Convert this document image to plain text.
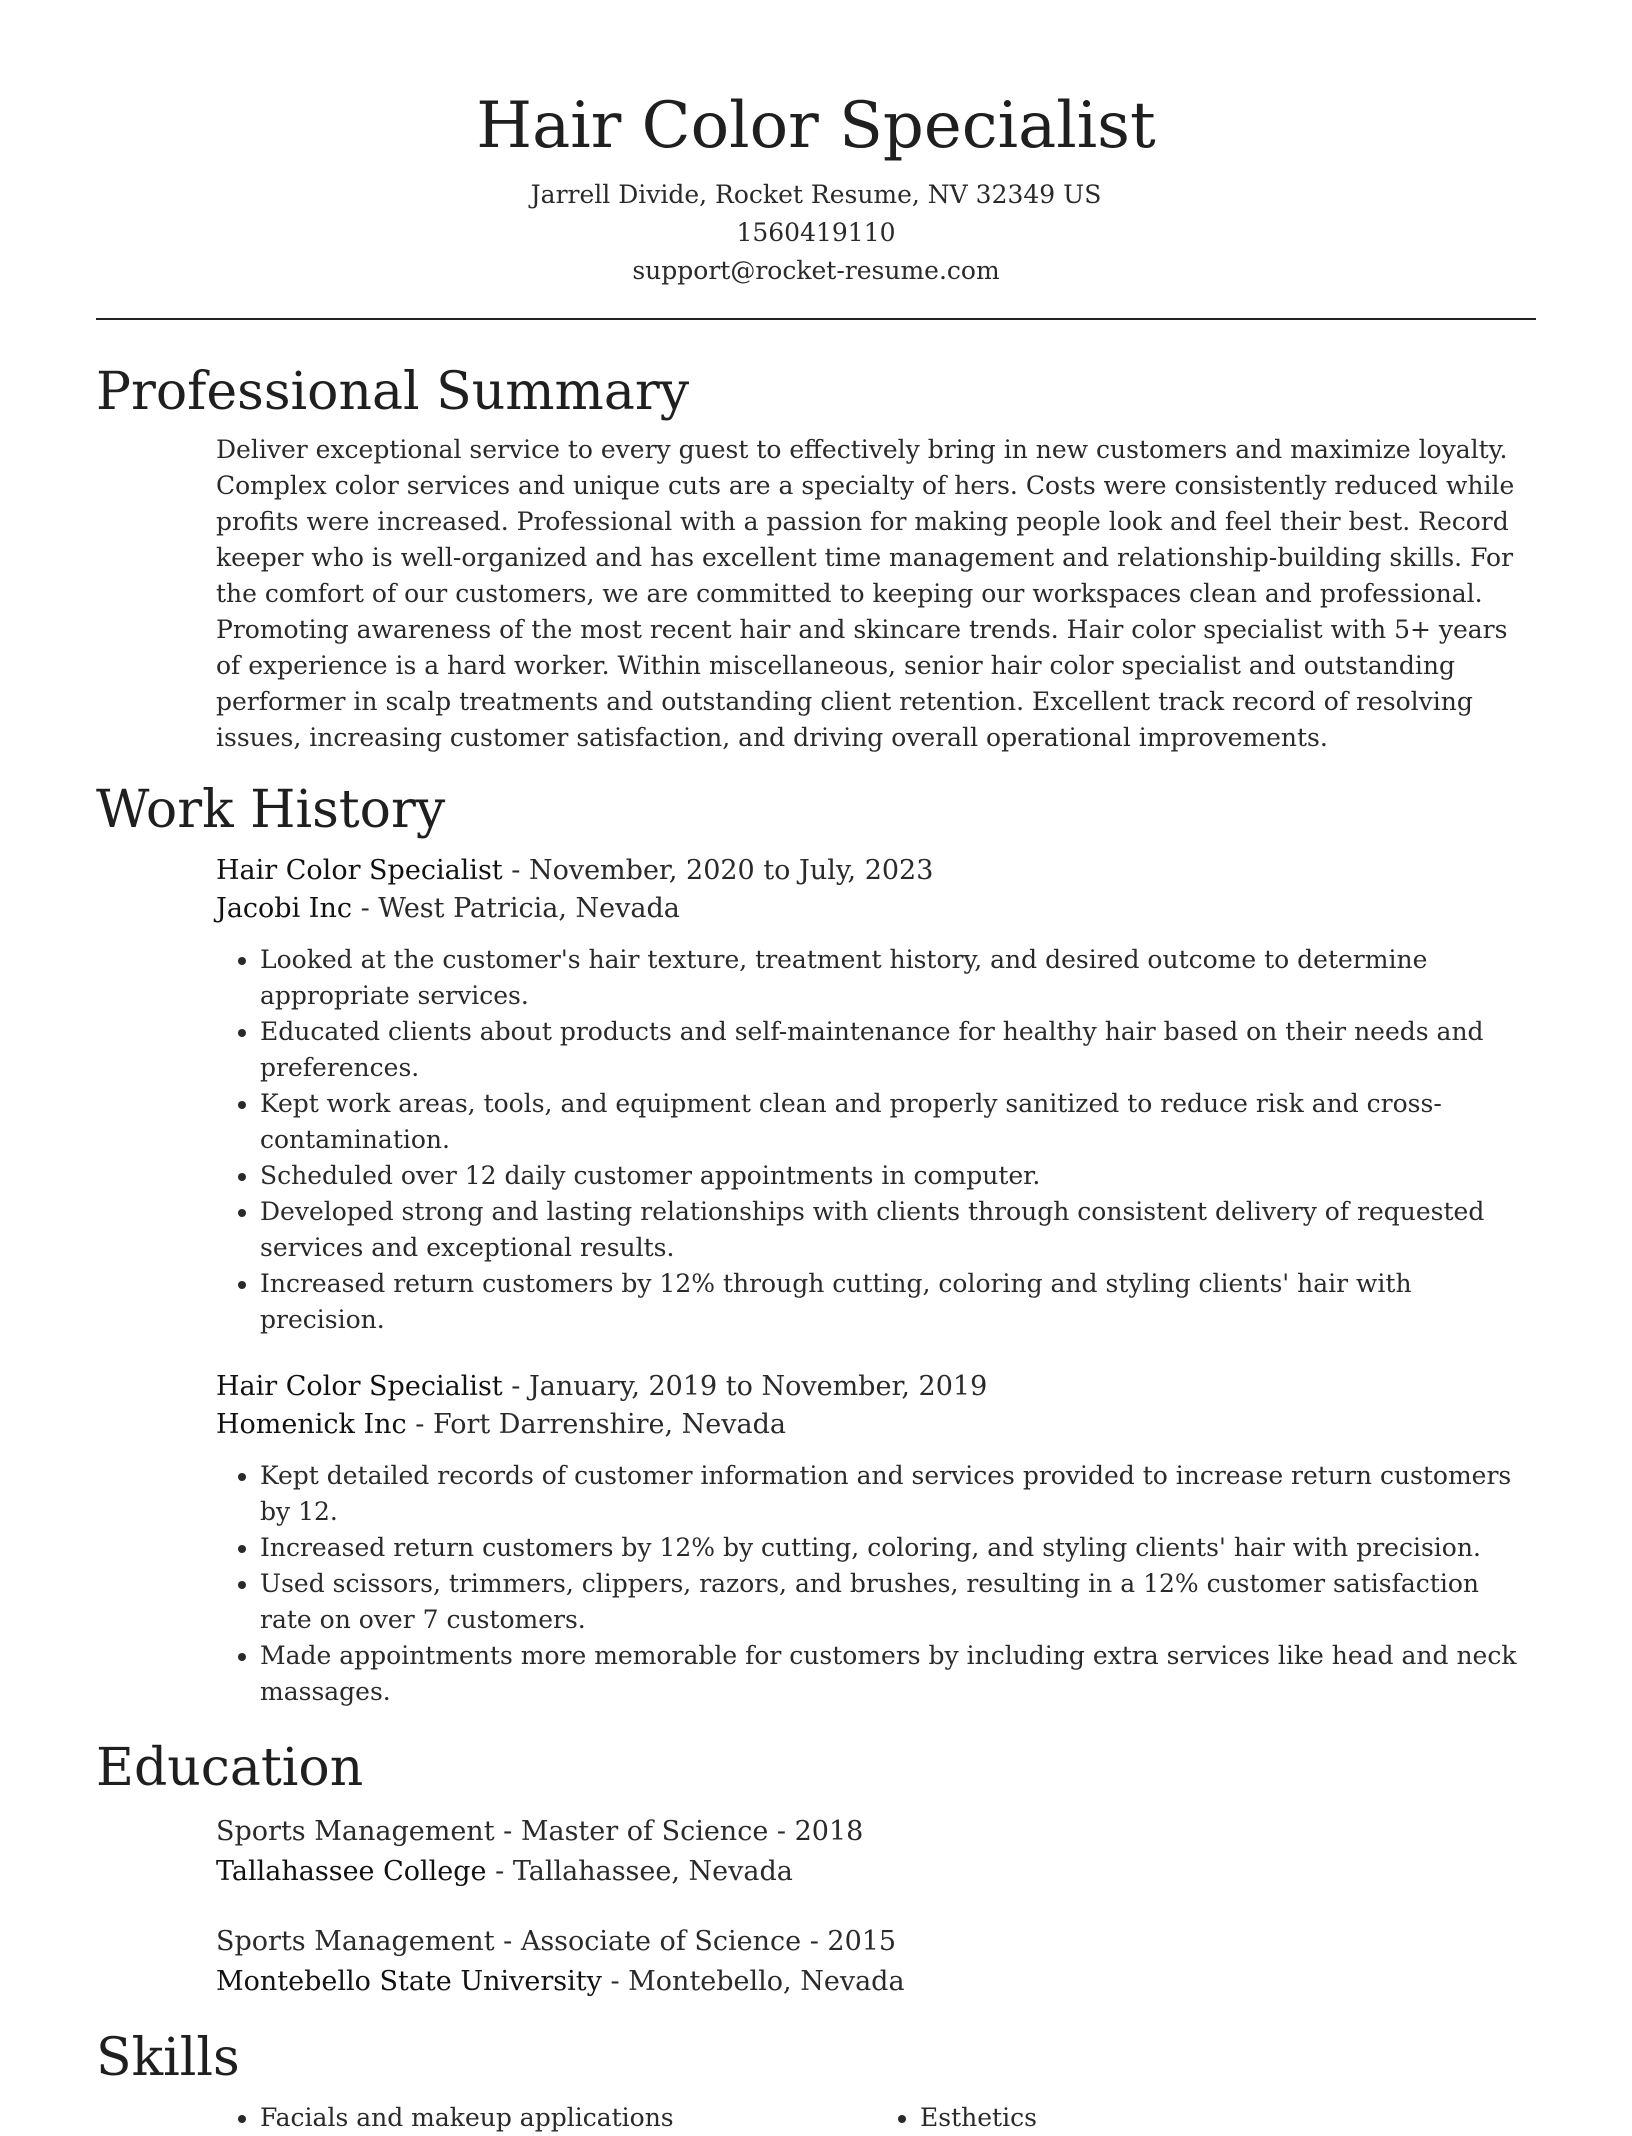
Hair Color Specialist
Jarrell Divide, Rocket Resume, NV 32349 US
1560419110
support@rocket-resume.com
Professional Summary
Deliver exceptional service to every guest to effectively bring in new customers and maximize loyalty. Complex color services and unique cuts are a specialty of hers. Costs were consistently reduced while profits were increased. Professional with a passion for making people look and feel their best. Record keeper who is well-organized and has excellent time management and relationship-building skills. For the comfort of our customers, we are committed to keeping our workspaces clean and professional. Promoting awareness of the most recent hair and skincare trends. Hair color specialist with 5+ years of experience is a hard worker. Within miscellaneous, senior hair color specialist and outstanding performer in scalp treatments and outstanding client retention. Excellent track record of resolving issues, increasing customer satisfaction, and driving overall operational improvements.
Work History
Hair Color Specialist - November, 2020 to July, 2023
Jacobi Inc - West Patricia, Nevada
• Looked at the customer's hair texture, treatment history, and desired outcome to determine appropriate services.
• Educated clients about products and self-maintenance for healthy hair based on their needs and preferences.
• Kept work areas, tools, and equipment clean and properly sanitized to reduce risk and cross-contamination.
• Scheduled over 12 daily customer appointments in computer.
• Developed strong and lasting relationships with clients through consistent delivery of requested services and exceptional results.
• Increased return customers by 12% through cutting, coloring and styling clients' hair with precision.
Hair Color Specialist - January, 2019 to November, 2019
Homenick Inc - Fort Darrenshire, Nevada
• Kept detailed records of customer information and services provided to increase return customers by 12.
• Increased return customers by 12% by cutting, coloring, and styling clients' hair with precision.
• Used scissors, trimmers, clippers, razors, and brushes, resulting in a 12% customer satisfaction rate on over 7 customers.
• Made appointments more memorable for customers by including extra services like head and neck massages.
Education
Sports Management - Master of Science - 2018
Tallahassee College - Tallahassee, Nevada
Sports Management - Associate of Science - 2015
Montebello State University - Montebello, Nevada
Skills
• Facials and makeup applications
•	Esthetics
